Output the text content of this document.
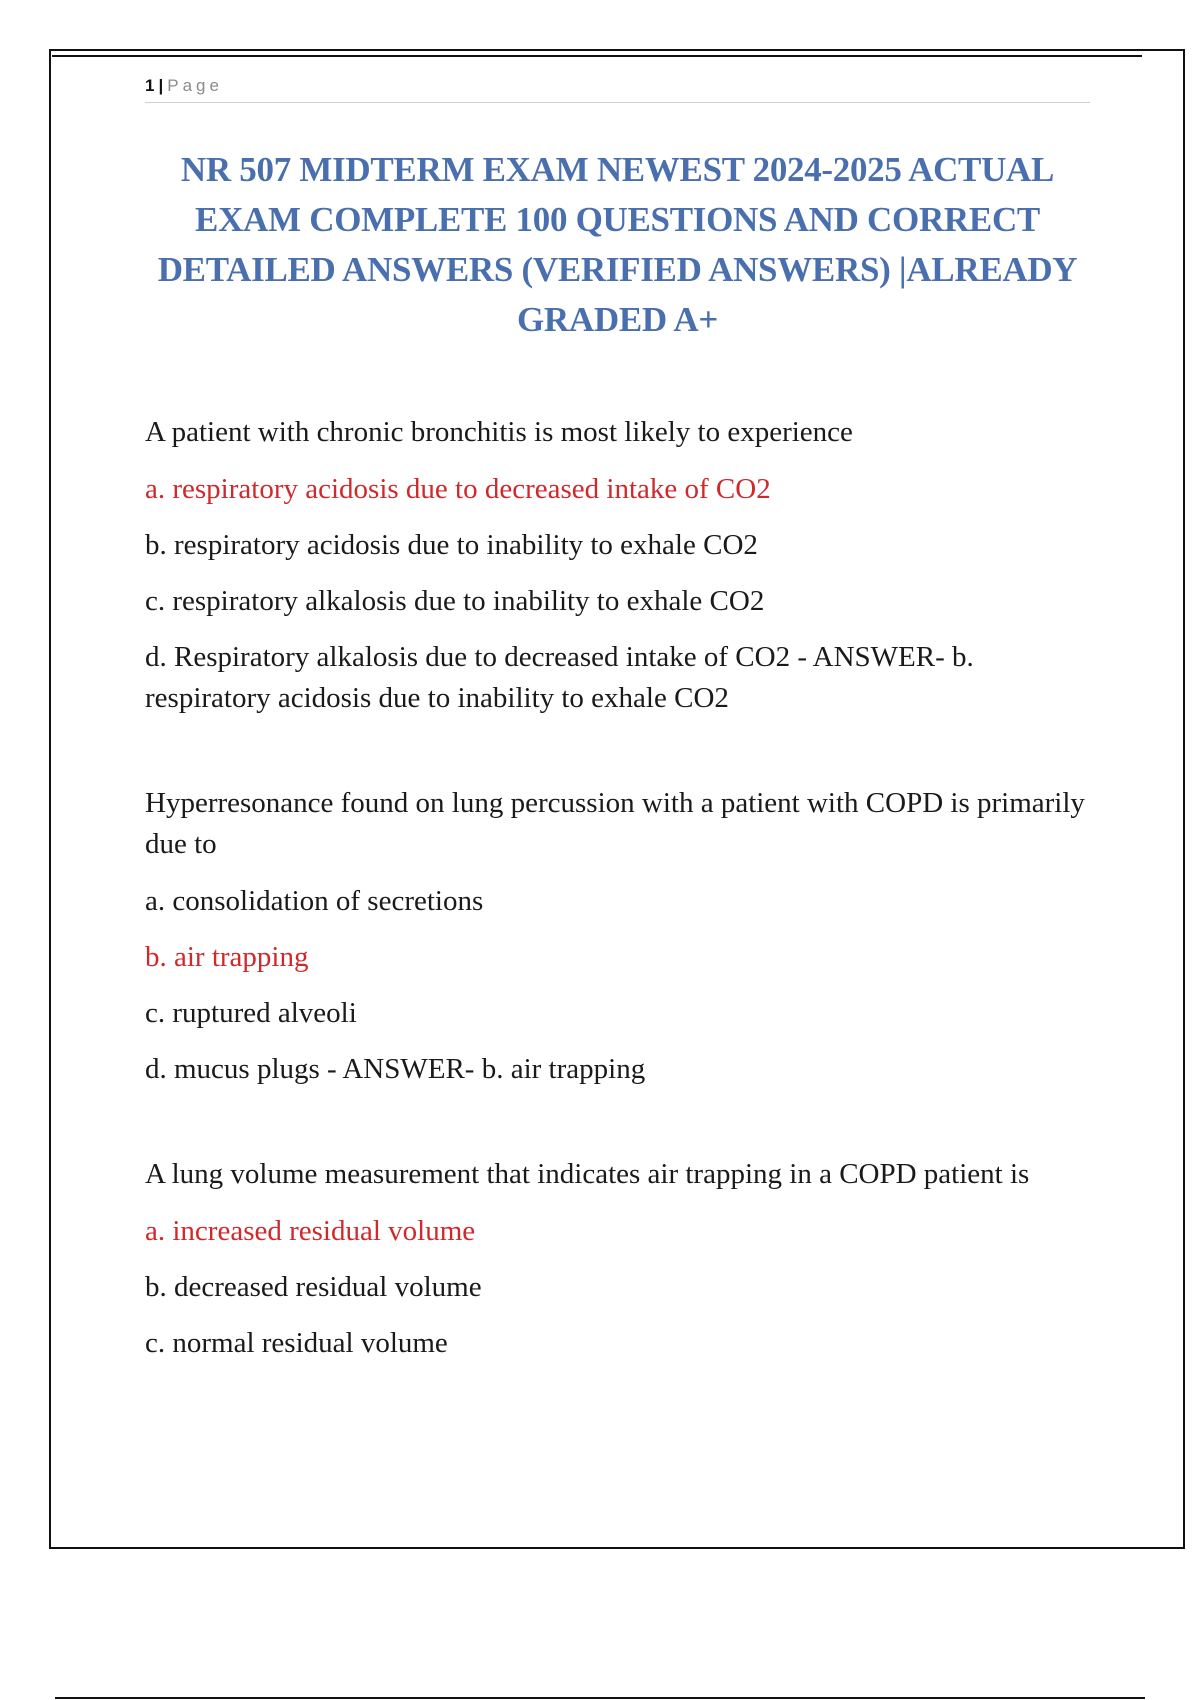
1 | Page
NR 507 MIDTERM EXAM NEWEST 2024-2025 ACTUAL EXAM COMPLETE 100 QUESTIONS AND CORRECT DETAILED ANSWERS (VERIFIED ANSWERS) |ALREADY GRADED A+

A patient with chronic bronchitis is most likely to experience

a. respiratory acidosis due to decreased intake of CO2

b. respiratory acidosis due to inability to exhale CO2

c. respiratory alkalosis due to inability to exhale CO2

d. Respiratory alkalosis due to decreased intake of CO2 - ANSWER- b. respiratory acidosis due to inability to exhale CO2

Hyperresonance found on lung percussion with a patient with COPD is primarily due to

a. consolidation of secretions

b. air trapping

c. ruptured alveoli

d. mucus plugs - ANSWER- b. air trapping

A lung volume measurement that indicates air trapping in a COPD patient is

a. increased residual volume

b. decreased residual volume

c. normal residual volume
